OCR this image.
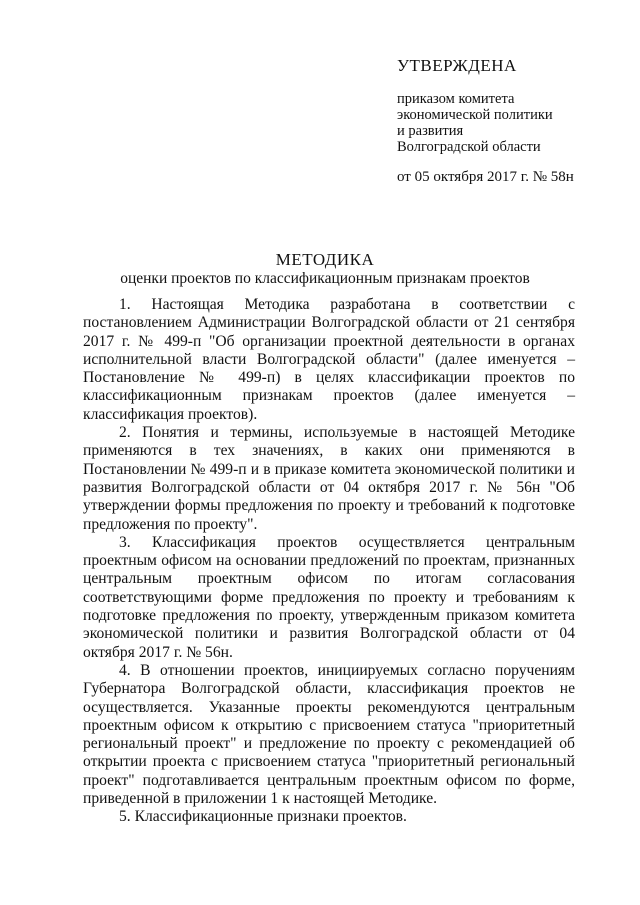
УТВЕРЖДЕНА
приказом комитета
экономической политики
и развития
Волгоградской области
от 05 октября 2017 г. № 58н
МЕТОДИКА
оценки проектов по классификационным признакам проектов

1. Настоящая Методика разработана в соответствии с постановлением Администрации Волгоградской области от 21 сентября 2017 г. № 499-п "Об организации проектной деятельности в органах исполнительной власти Волгоградской области" (далее именуется – Постановление № 499-п) в целях классификации проектов по классификационным признакам проектов (далее именуется – классификация проектов).

2. Понятия и термины, используемые в настоящей Методике применяются в тех значениях, в каких они применяются в Постановлении № 499-п и в приказе комитета экономической политики и развития Волгоградской области от 04 октября 2017 г. № 56н "Об утверждении формы предложения по проекту и требований к подготовке предложения по проекту".

3. Классификация проектов осуществляется центральным проектным офисом на основании предложений по проектам, признанных центральным проектным офисом по итогам согласования соответствующими форме предложения по проекту и требованиям к подготовке предложения по проекту, утвержденным приказом комитета экономической политики и развития Волгоградской области от 04 октября 2017 г. № 56н.

4. В отношении проектов, инициируемых согласно поручениям Губернатора Волгоградской области, классификация проектов не осуществляется. Указанные проекты рекомендуются центральным проектным офисом к открытию с присвоением статуса "приоритетный региональный проект" и предложение по проекту с рекомендацией об открытии проекта с присвоением статуса "приоритетный региональный проект" подготавливается центральным проектным офисом по форме, приведенной в приложении 1 к настоящей Методике.

5. Классификационные признаки проектов.
